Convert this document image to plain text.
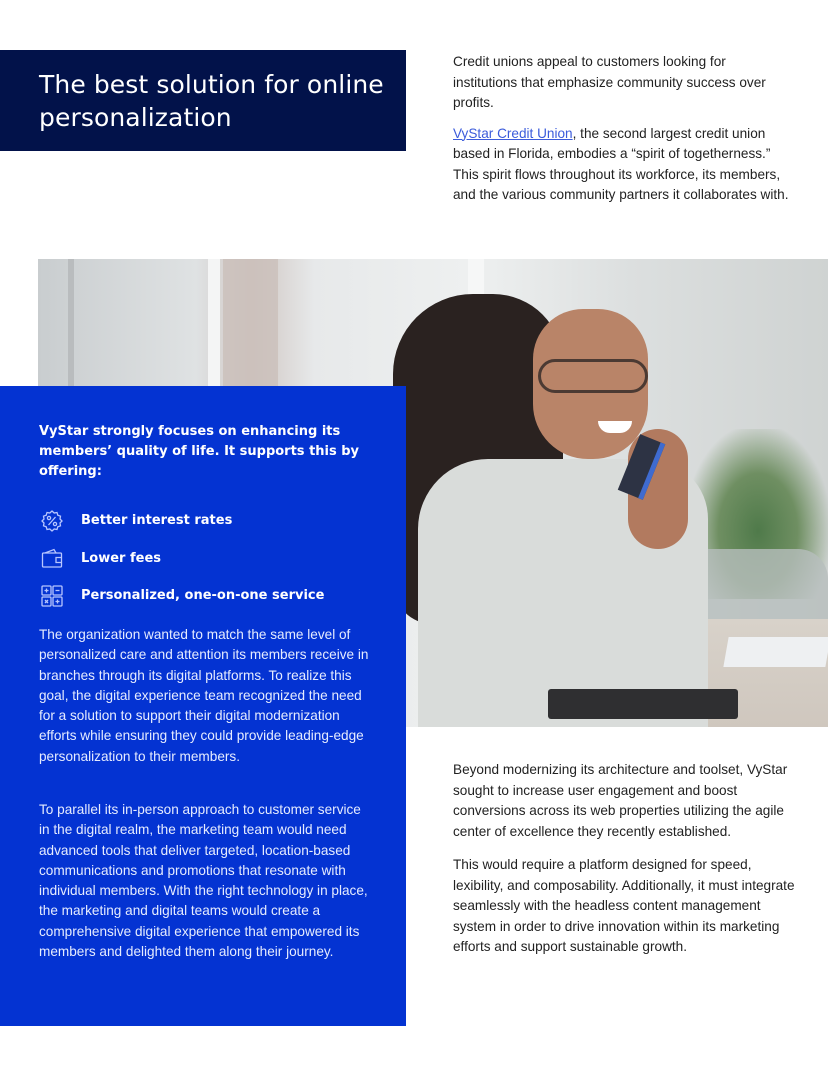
The best solution for online personalization

Credit unions appeal to customers looking for institutions that emphasize community success over profits.

VyStar Credit Union, the second largest credit union based in Florida, embodies a “spirit of togetherness.” This spirit flows throughout its workforce, its members, and the various community partners it collaborates with.

VyStar strongly focuses on enhancing its members’ quality of life. It supports this by offering:

Better interest rates
Lower fees
Personalized, one-on-one service

The organization wanted to match the same level of personalized care and attention its members receive in branches through its digital platforms. To realize this goal, the digital experience team recognized the need for a solution to support their digital modernization efforts while ensuring they could provide leading-edge personalization to their members.

To parallel its in-person approach to customer service in the digital realm, the marketing team would need advanced tools that deliver targeted, location-based communications and promotions that resonate with individual members. With the right technology in place, the marketing and digital teams would create a comprehensive digital experience that empowered its members and delighted them along their journey.

Beyond modernizing its architecture and toolset, VyStar sought to increase user engagement and boost conversions across its web properties utilizing the agile center of excellence they recently established.

This would require a platform designed for speed, lexibility, and composability. Additionally, it must integrate seamlessly with the headless content management system in order to drive innovation within its marketing efforts and support sustainable growth.
